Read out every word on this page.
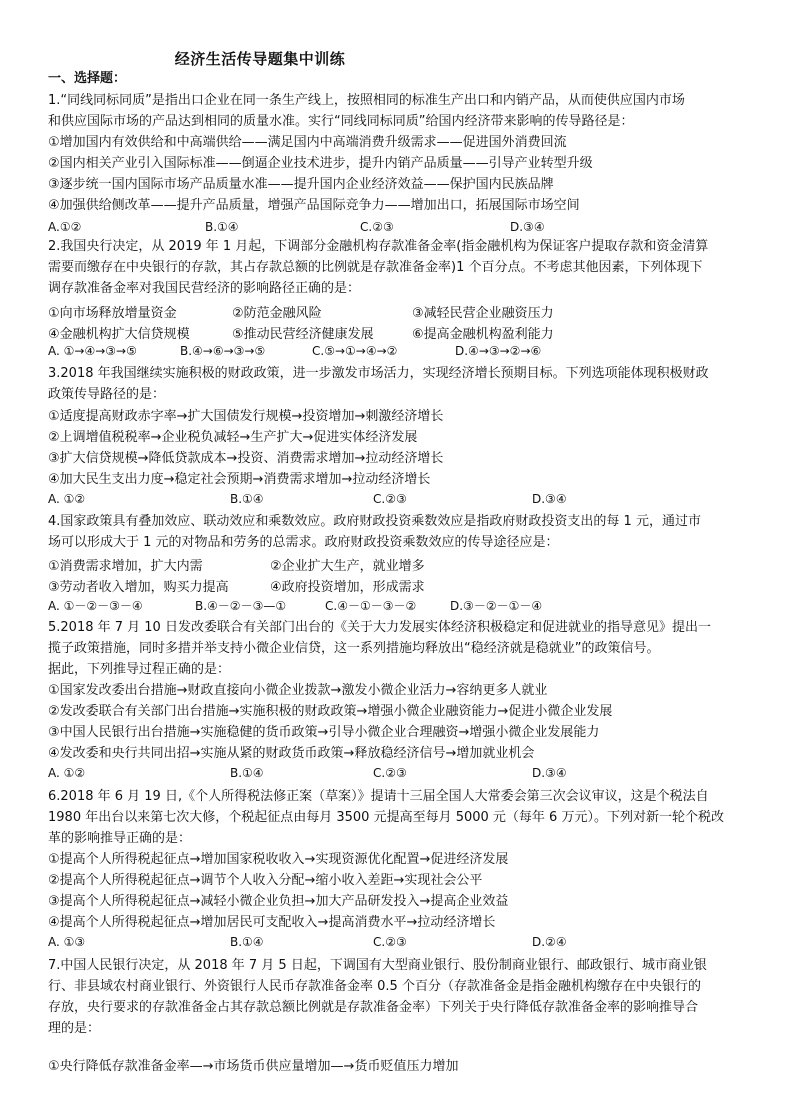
经济生活传导题集中训练
一、选择题：
1.“同线同标同质”是指出口企业在同一条生产线上，按照相同的标准生产出口和内销产品，从而使供应国内市场
和供应国际市场的产品达到相同的质量水准。实行“同线同标同质”给国内经济带来影响的传导路径是：
①增加国内有效供给和中高端供给——满足国内中高端消费升级需求——促进国外消费回流
②国内相关产业引入国际标准——倒逼企业技术进步，提升内销产品质量——引导产业转型升级
③逐步统一国内国际市场产品质量水准——提升国内企业经济效益——保护国内民族品牌
④加强供给侧改革——提升产品质量，增强产品国际竞争力——增加出口，拓展国际市场空间
A.①②	B.①④	C.②③	D.③④
2.我国央行决定，从 2019 年 1 月起，下调部分金融机构存款准备金率(指金融机构为保证客户提取存款和资金清算
需要而缴存在中央银行的存款，其占存款总额的比例就是存款准备金率)1 个百分点。不考虑其他因素，下列体现下
调存款准备金率对我国民营经济的影响路径正确的是：
①向市场释放增量资金	②防范金融风险	③减轻民营企业融资压力
④金融机构扩大信贷规模	⑤推动民营经济健康发展	⑥提高金融机构盈利能力
A. ①→④→③→⑤	B.④→⑥→③→⑤	C.⑤→①→④→②	D.④→③→②→⑥
3.2018 年我国继续实施积极的财政政策，进一步激发市场活力，实现经济增长预期目标。下列选项能体现积极财政
政策传导路径的是：
①适度提高财政赤字率→扩大国债发行规模→投资增加→刺激经济增长
②上调增值税税率→企业税负减轻→生产扩大→促进实体经济发展
③扩大信贷规模→降低贷款成本→投资、消费需求增加→拉动经济增长
④加大民生支出力度→稳定社会预期→消费需求增加→拉动经济增长
A. ①②	B.①④	C.②③	D.③④
4.国家政策具有叠加效应、联动效应和乘数效应。政府财政投资乘数效应是指政府财政投资支出的每 1 元，通过市
场可以形成大于 1 元的对物品和劳务的总需求。政府财政投资乘数效应的传导途径应是：
①消费需求增加，扩大内需	②企业扩大生产，就业增多
③劳动者收入增加，购买力提高	④政府投资增加，形成需求
A. ①－②－③－④	B.④－②－③—①	C.④－①－③－②	D.③－②－①－④
5.2018 年 7 月 10 日发改委联合有关部门出台的《关于大力发展实体经济积极稳定和促进就业的指导意见》提出一
揽子政策措施，同时多措并举支持小微企业信贷，这一系列措施均释放出“稳经济就是稳就业”的政策信号。
据此，下列推导过程正确的是：
①国家发改委出台措施→财政直接向小微企业拨款→激发小微企业活力→容纳更多人就业
②发改委联合有关部门出台措施→实施积极的财政政策→增强小微企业融资能力→促进小微企业发展
③中国人民银行出台措施→实施稳健的货币政策→引导小微企业合理融资→增强小微企业发展能力
④发改委和央行共同出招→实施从紧的财政货币政策→释放稳经济信号→增加就业机会
A. ①②	B.①④	C.②③	D.③④
6.2018 年 6 月 19 日,《个人所得税法修正案（草案）》提请十三届全国人大常委会第三次会议审议，这是个税法自
1980 年出台以来第七次大修，个税起征点由每月 3500 元提高至每月 5000 元（每年 6 万元）。下列对新一轮个税改
革的影响推导正确的是：
①提高个人所得税起征点→增加国家税收收入→实现资源优化配置→促进经济发展
②提高个人所得税起征点→调节个人收入分配→缩小收入差距→实现社会公平
③提高个人所得税起征点→减轻小微企业负担→加大产品研发投入→提高企业效益
④提高个人所得税起征点→增加居民可支配收入→提高消费水平→拉动经济增长
A. ①③	B.①④	C.②③	D.②④
7.中国人民银行决定，从 2018 年 7 月 5 日起，下调国有大型商业银行、股份制商业银行、邮政银行、城市商业银
行、非县域农村商业银行、外资银行人民币存款准备金率 0.5 个百分（存款准备金是指金融机构缴存在中央银行的
存放，央行要求的存款准备金占其存款总额比例就是存款准备金率）下列关于央行降低存款准备金率的影响推导合
理的是：
①央行降低存款准备金率—→市场货币供应量增加—→货币贬值压力增加
